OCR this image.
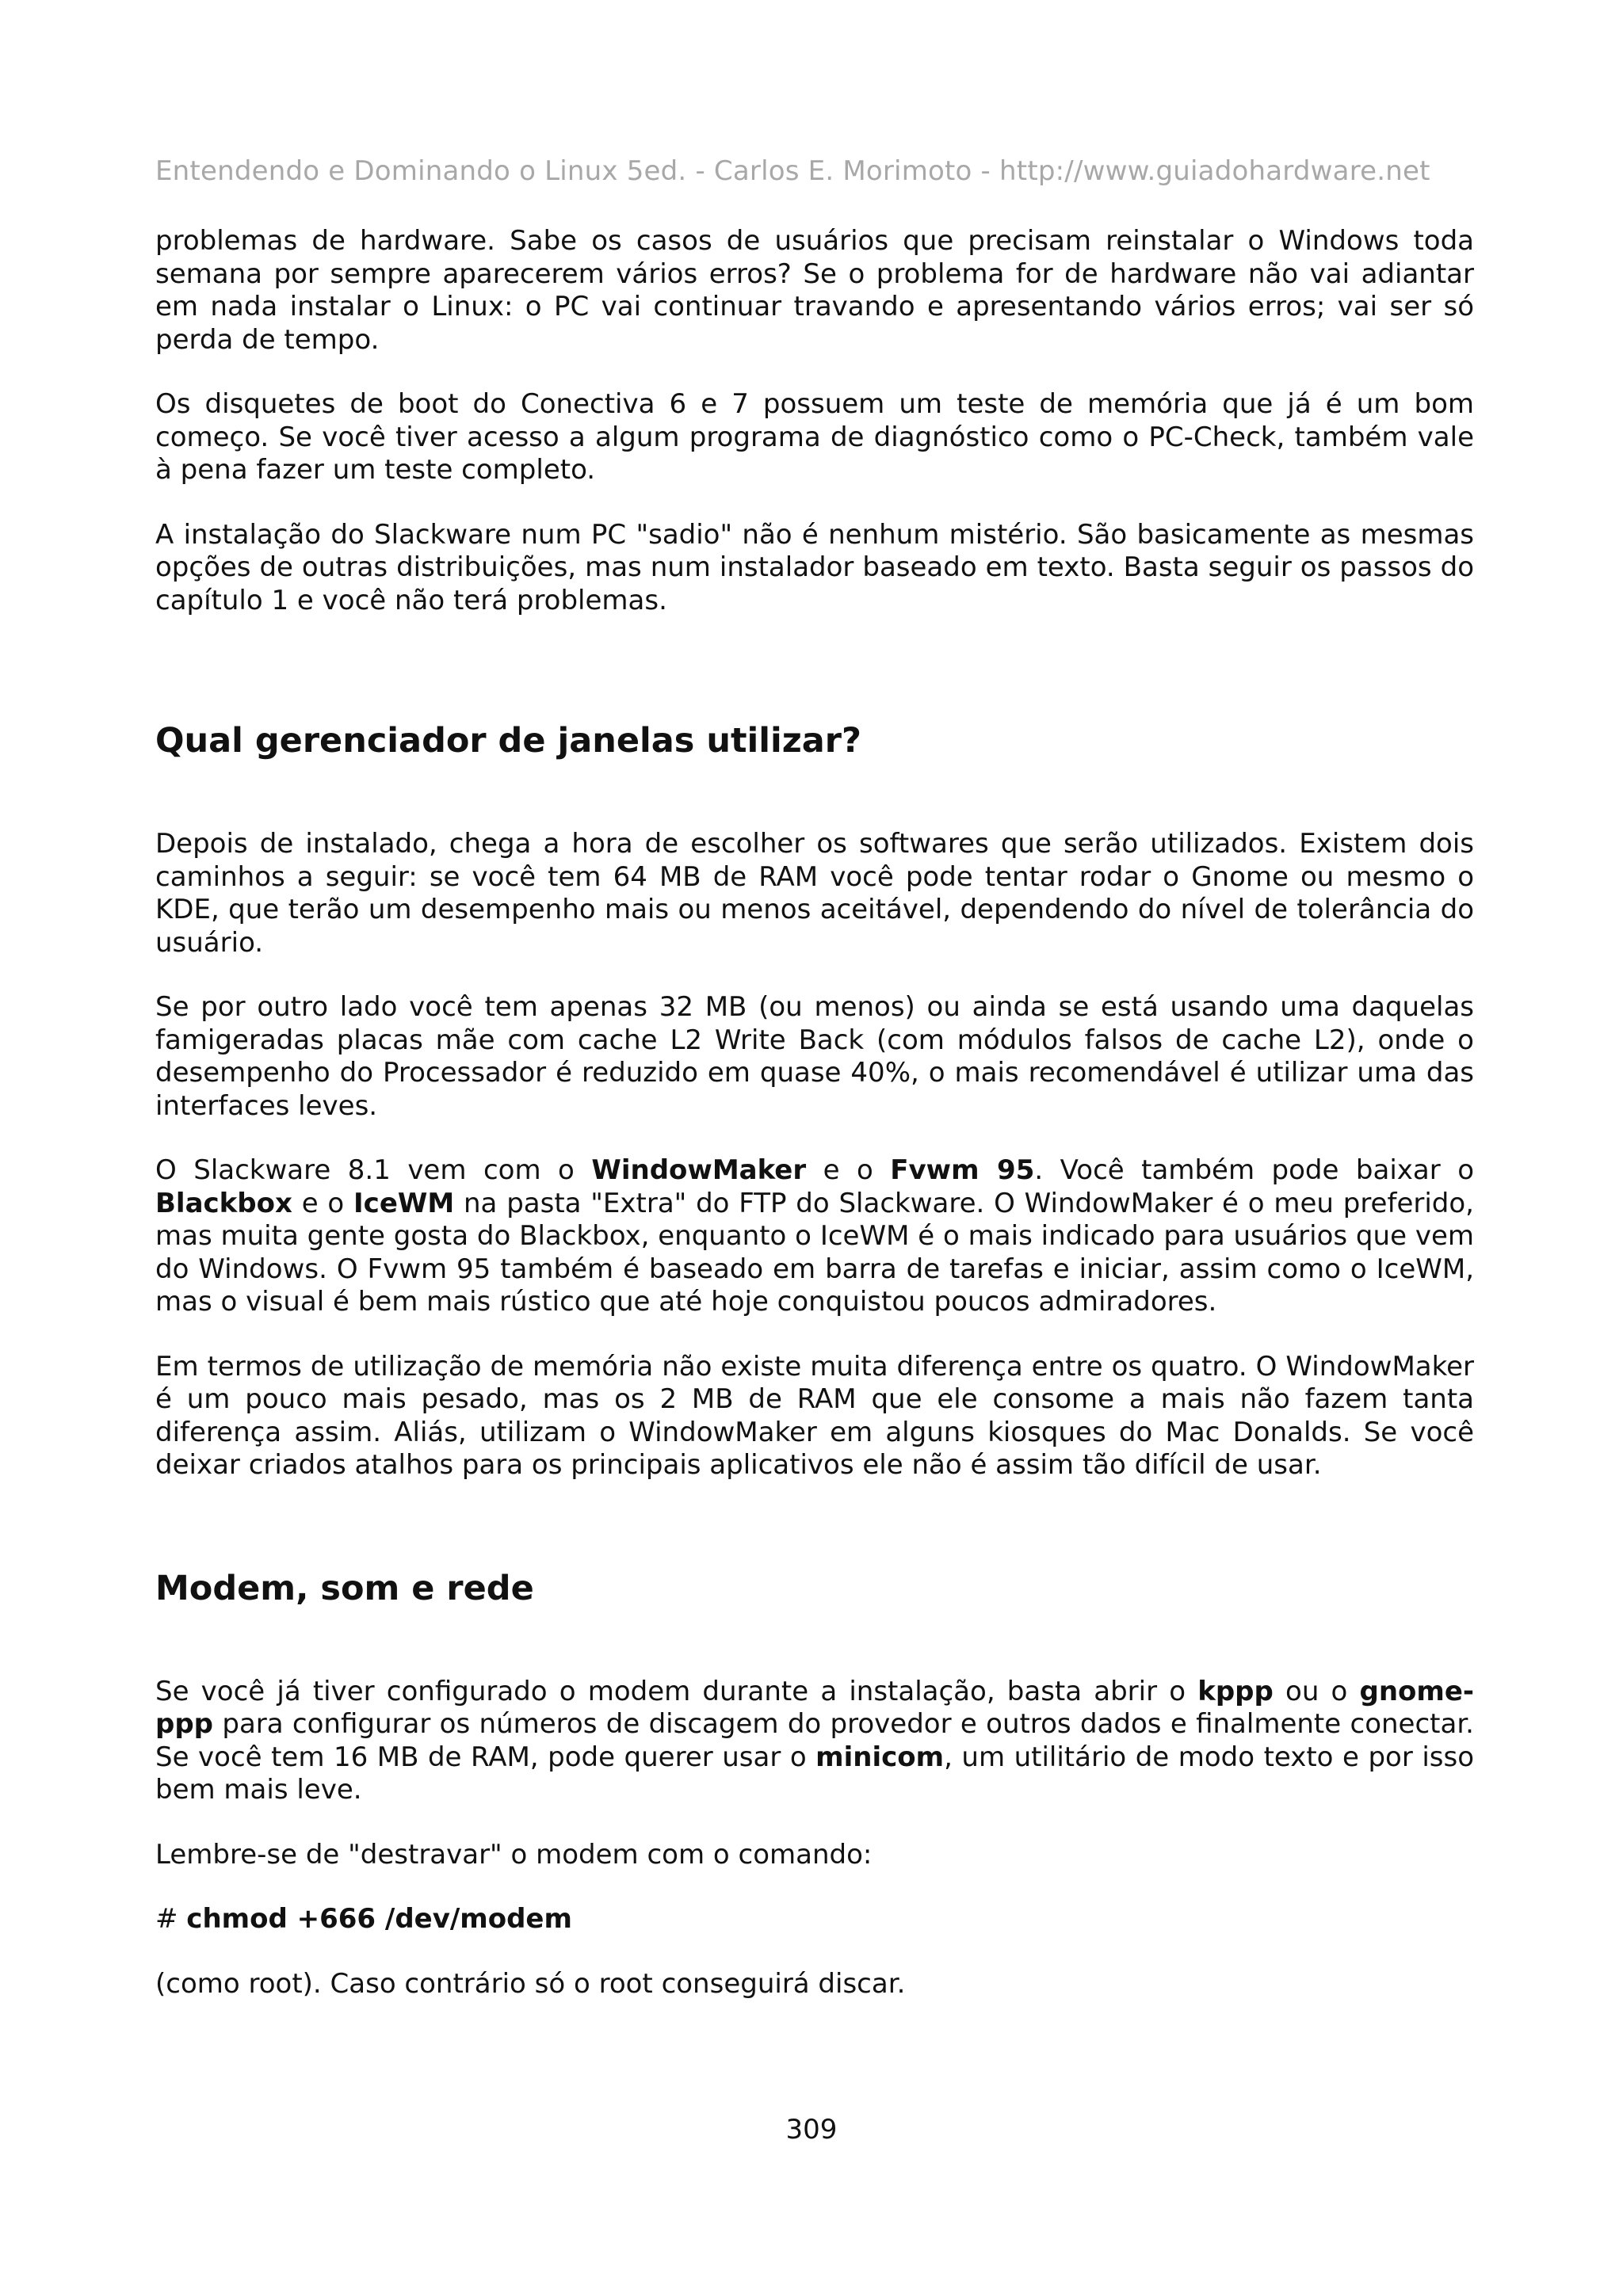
Entendendo e Dominando o Linux 5ed. - Carlos E. Morimoto - http://www.guiadohardware.net

problemas de hardware. Sabe os casos de usuários que precisam reinstalar o Windows toda semana por sempre aparecerem vários erros? Se o problema for de hardware não vai adiantar em nada instalar o Linux: o PC vai continuar travando e apresentando vários erros; vai ser só perda de tempo.

Os disquetes de boot do Conectiva 6 e 7 possuem um teste de memória que já é um bom começo. Se você tiver acesso a algum programa de diagnóstico como o PC-Check, também vale à pena fazer um teste completo.

A instalação do Slackware num PC "sadio" não é nenhum mistério. São basicamente as mesmas opções de outras distribuições, mas num instalador baseado em texto. Basta seguir os passos do capítulo 1 e você não terá problemas.

Qual gerenciador de janelas utilizar?

Depois de instalado, chega a hora de escolher os softwares que serão utilizados. Existem dois caminhos a seguir: se você tem 64 MB de RAM você pode tentar rodar o Gnome ou mesmo o KDE, que terão um desempenho mais ou menos aceitável, dependendo do nível de tolerância do usuário.

Se por outro lado você tem apenas 32 MB (ou menos) ou ainda se está usando uma daquelas famigeradas placas mãe com cache L2 Write Back (com módulos falsos de cache L2), onde o desempenho do Processador é reduzido em quase 40%, o mais recomendável é utilizar uma das interfaces leves.

O Slackware 8.1 vem com o WindowMaker e o Fvwm 95. Você também pode baixar o Blackbox e o IceWM na pasta "Extra" do FTP do Slackware. O WindowMaker é o meu preferido, mas muita gente gosta do Blackbox, enquanto o IceWM é o mais indicado para usuários que vem do Windows. O Fvwm 95 também é baseado em barra de tarefas e iniciar, assim como o IceWM, mas o visual é bem mais rústico que até hoje conquistou poucos admiradores.

Em termos de utilização de memória não existe muita diferença entre os quatro. O WindowMaker é um pouco mais pesado, mas os 2 MB de RAM que ele consome a mais não fazem tanta diferença assim. Aliás, utilizam o WindowMaker em alguns kiosques do Mac Donalds. Se você deixar criados atalhos para os principais aplicativos ele não é assim tão difícil de usar.

Modem, som e rede

Se você já tiver configurado o modem durante a instalação, basta abrir o kppp ou o gnome-ppp para configurar os números de discagem do provedor e outros dados e finalmente conectar. Se você tem 16 MB de RAM, pode querer usar o minicom, um utilitário de modo texto e por isso bem mais leve.

Lembre-se de "destravar" o modem com o comando:

# chmod +666 /dev/modem

(como root). Caso contrário só o root conseguirá discar.

309
